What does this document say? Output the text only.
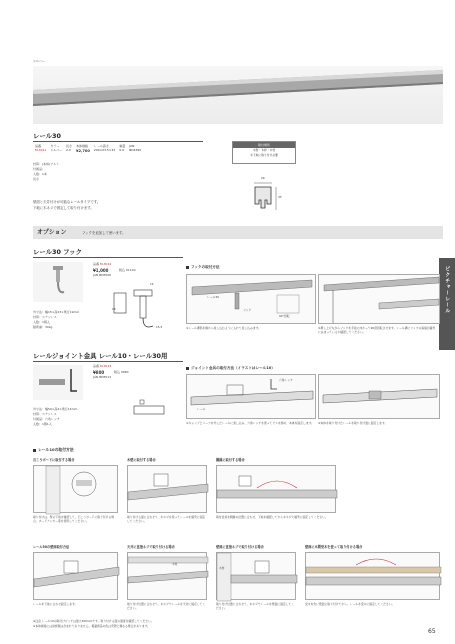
シルバー
レール30
品番	カラー	長さ	本体価格	レール高さ	重量	JAN
M-3011	シルバー	2.0	¥2,700	200×23.5×33	0.9	BD4390
材質：(本体)アルミ
付属品：
入数：1本
長さ
壁面と天井付けが可能なレールタイプです。
下地に木ネジで固定して取り付けます。
取付場所
木壁・木枠・木材
木下地に取り付け必要
20
33
オプション	フックを追加して使います。
ピクチャーレール
レール30 フック
品番 M-3012
¥1,000	税込 ¥1100
JAN BDE006
12
18
15.5
外寸法：幅15×高23×奥行19mm
材質：ステンレス
入数：1個入
耐荷重：30kg
フックの取付方法
レール30
フック
90°回転
①レール溝部を横から差し込むように入れて差し込みます。	②押し上げながらフックを手前に向かって90度回転させます。レール溝にフックの両端が確実にはまっているか確認してください。
レールジョイント金具 レール10・レール30用
品番 M-3013
¥800	税込 ¥880
JAN BDE013
外寸法：幅50×高4×奥行14mm
材質：ステンレス
付属品：六角レンチ
入数：1個1入
ジョイント金具の取付方法（イラストはレール10）
六角レンチ
レール
①キャップとパーツを外したレールに差し込み、六角レンチを使ってビスを締め、本体を固定します。 ②本体を取り付けたレールを取り付け面に固定します。
レール10の取付方法
石こうボードに取付する場合
取り付けは、壁の下地を確認して、石こうボードに取り付ける場合、ボードアンカー等を使用してください。
木壁に取付する場合
取り付ける面に合わせて、木ネジを使ってレールを確実に固定してください。
胴縁に取付する場合
取付金具を胴縁の位置に合わせ、下地を確認してから木ネジで確実に固定してください。
レール30の壁面取付方法
レールを下地に合わせ固定します。
天井に直接ネジで取り付ける場合
木材
取り付け位置に合わせて、木ネジでレールを天井に固定してください。
壁面に直接ネジで取り付ける場合
木材
取り付け位置に合わせて、木ネジでレールを壁面に固定してください。
壁面に木製受木を使って取り付ける場合
受木を先に壁面に取り付けてから、レールを受木に固定してください。
※注意 レール10の取付けピッチは最大400mmです。取り付ける面の強度を確認してください。
※本体価格には消費税は含まれておりません。掲載商品の色は実際と異なる場合があります。
65
